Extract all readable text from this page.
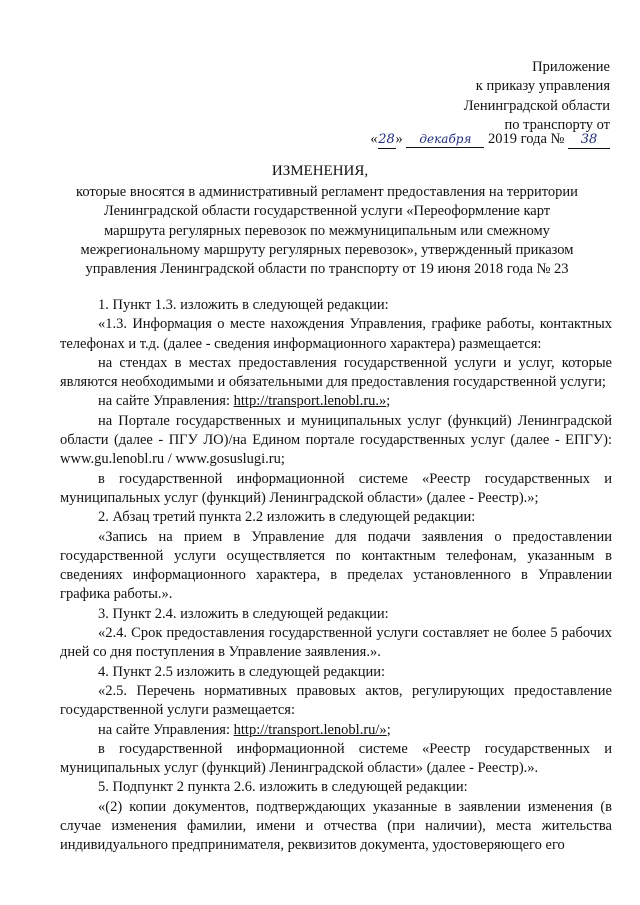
Приложение
к приказу управления
Ленинградской области
по транспорту от
«28» декабря 2019 года № 38
ИЗМЕНЕНИЯ,
которые вносятся в административный регламент предоставления на территории Ленинградской области государственной услуги «Переоформление карт маршрута регулярных перевозок по межмуниципальным или смежному межрегиональному маршруту регулярных перевозок», утвержденный приказом управления Ленинградской области по транспорту от 19 июня 2018 года № 23

1. Пункт 1.3. изложить в следующей редакции:

«1.3. Информация о месте нахождения Управления, графике работы, контактных телефонах и т.д. (далее - сведения информационного характера) размещается:

на стендах в местах предоставления государственной услуги и услуг, которые являются необходимыми и обязательными для предоставления государственной услуги;

на сайте Управления: http://transport.lenobl.ru.»;

на Портале государственных и муниципальных услуг (функций) Ленинградской области (далее - ПГУ ЛО)/на Едином портале государственных услуг (далее - ЕПГУ): www.gu.lenobl.ru / www.gosuslugi.ru;

в государственной информационной системе «Реестр государственных и муниципальных услуг (функций) Ленинградской области» (далее - Реестр).»;

2. Абзац третий пункта 2.2 изложить в следующей редакции:

«Запись на прием в Управление для подачи заявления о предоставлении государственной услуги осуществляется по контактным телефонам, указанным в сведениях информационного характера, в пределах установленного в Управлении графика работы.».

3. Пункт 2.4. изложить в следующей редакции:

«2.4. Срок предоставления государственной услуги составляет не более 5 рабочих дней со дня поступления в Управление заявления.».

4. Пункт 2.5 изложить в следующей редакции:

«2.5. Перечень нормативных правовых актов, регулирующих предоставление государственной услуги размещается:

на сайте Управления: http://transport.lenobl.ru/»;

в государственной информационной системе «Реестр государственных и муниципальных услуг (функций) Ленинградской области» (далее - Реестр).».

5. Подпункт 2 пункта 2.6. изложить в следующей редакции:

«(2) копии документов, подтверждающих указанные в заявлении изменения (в случае изменения фамилии, имени и отчества (при наличии), места жительства индивидуального предпринимателя, реквизитов документа, удостоверяющего его
